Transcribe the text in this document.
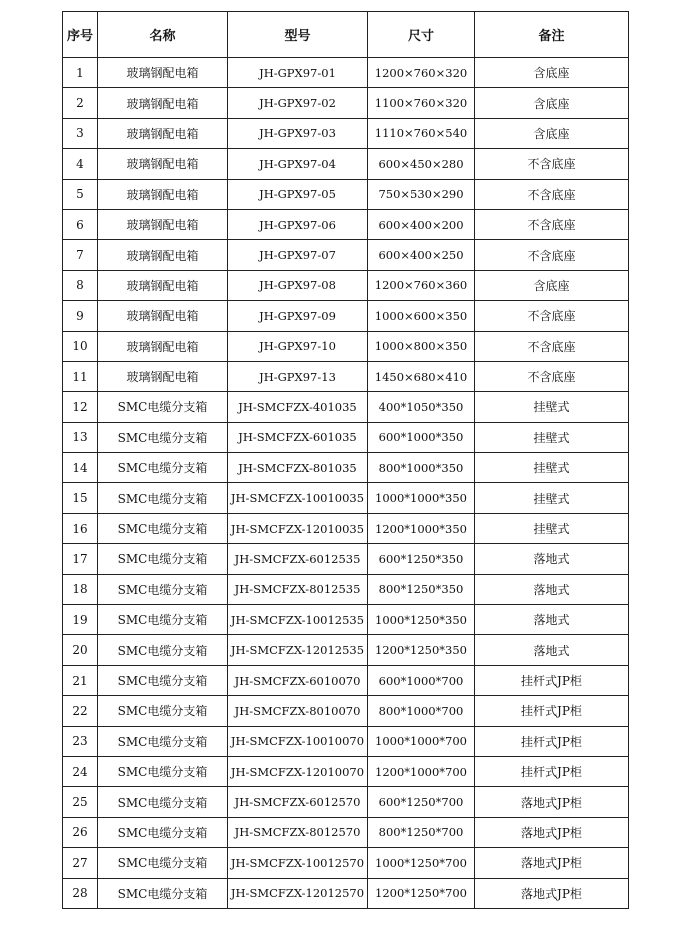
序号	名称	型号	尺寸	备注
1	玻璃钢配电箱	JH-GPX97-01	1200×760×320	含底座
2	玻璃钢配电箱	JH-GPX97-02	1100×760×320	含底座
3	玻璃钢配电箱	JH-GPX97-03	1110×760×540	含底座
4	玻璃钢配电箱	JH-GPX97-04	600×450×280	不含底座
5	玻璃钢配电箱	JH-GPX97-05	750×530×290	不含底座
6	玻璃钢配电箱	JH-GPX97-06	600×400×200	不含底座
7	玻璃钢配电箱	JH-GPX97-07	600×400×250	不含底座
8	玻璃钢配电箱	JH-GPX97-08	1200×760×360	含底座
9	玻璃钢配电箱	JH-GPX97-09	1000×600×350	不含底座
10	玻璃钢配电箱	JH-GPX97-10	1000×800×350	不含底座
11	玻璃钢配电箱	JH-GPX97-13	1450×680×410	不含底座
12	SMC电缆分支箱	JH-SMCFZX-401035	400*1050*350	挂壁式
13	SMC电缆分支箱	JH-SMCFZX-601035	600*1000*350	挂壁式
14	SMC电缆分支箱	JH-SMCFZX-801035	800*1000*350	挂壁式
15	SMC电缆分支箱	JH-SMCFZX-10010035	1000*1000*350	挂壁式
16	SMC电缆分支箱	JH-SMCFZX-12010035	1200*1000*350	挂壁式
17	SMC电缆分支箱	JH-SMCFZX-6012535	600*1250*350	落地式
18	SMC电缆分支箱	JH-SMCFZX-8012535	800*1250*350	落地式
19	SMC电缆分支箱	JH-SMCFZX-10012535	1000*1250*350	落地式
20	SMC电缆分支箱	JH-SMCFZX-12012535	1200*1250*350	落地式
21	SMC电缆分支箱	JH-SMCFZX-6010070	600*1000*700	挂杆式JP柜
22	SMC电缆分支箱	JH-SMCFZX-8010070	800*1000*700	挂杆式JP柜
23	SMC电缆分支箱	JH-SMCFZX-10010070	1000*1000*700	挂杆式JP柜
24	SMC电缆分支箱	JH-SMCFZX-12010070	1200*1000*700	挂杆式JP柜
25	SMC电缆分支箱	JH-SMCFZX-6012570	600*1250*700	落地式JP柜
26	SMC电缆分支箱	JH-SMCFZX-8012570	800*1250*700	落地式JP柜
27	SMC电缆分支箱	JH-SMCFZX-10012570	1000*1250*700	落地式JP柜
28	SMC电缆分支箱	JH-SMCFZX-12012570	1200*1250*700	落地式JP柜
